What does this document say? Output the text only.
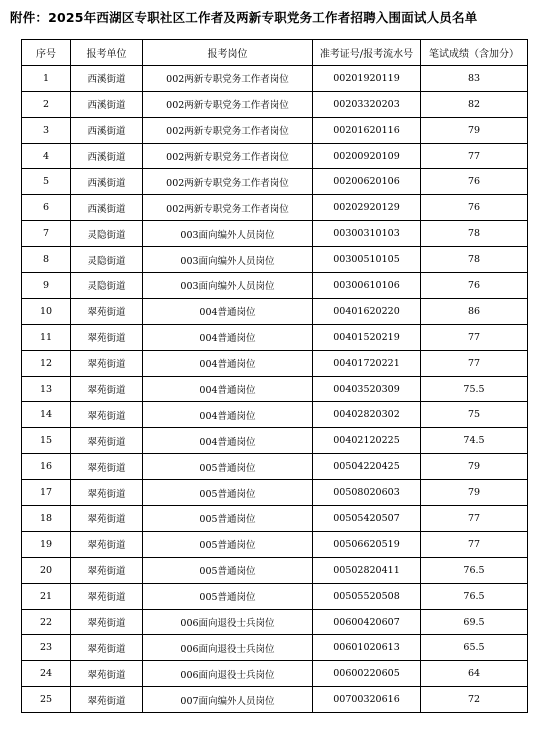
附件：2025年西湖区专职社区工作者及两新专职党务工作者招聘入围面试人员名单
序号	报考单位	报考岗位	准考证号/报考流水号	笔试成绩（含加分）
1	西溪街道	002两新专职党务工作者岗位	00201920119	83
2	西溪街道	002两新专职党务工作者岗位	00203320203	82
3	西溪街道	002两新专职党务工作者岗位	00201620116	79
4	西溪街道	002两新专职党务工作者岗位	00200920109	77
5	西溪街道	002两新专职党务工作者岗位	00200620106	76
6	西溪街道	002两新专职党务工作者岗位	00202920129	76
7	灵隐街道	003面向编外人员岗位	00300310103	78
8	灵隐街道	003面向编外人员岗位	00300510105	78
9	灵隐街道	003面向编外人员岗位	00300610106	76
10	翠苑街道	004普通岗位	00401620220	86
11	翠苑街道	004普通岗位	00401520219	77
12	翠苑街道	004普通岗位	00401720221	77
13	翠苑街道	004普通岗位	00403520309	75.5
14	翠苑街道	004普通岗位	00402820302	75
15	翠苑街道	004普通岗位	00402120225	74.5
16	翠苑街道	005普通岗位	00504220425	79
17	翠苑街道	005普通岗位	00508020603	79
18	翠苑街道	005普通岗位	00505420507	77
19	翠苑街道	005普通岗位	00506620519	77
20	翠苑街道	005普通岗位	00502820411	76.5
21	翠苑街道	005普通岗位	00505520508	76.5
22	翠苑街道	006面向退役士兵岗位	00600420607	69.5
23	翠苑街道	006面向退役士兵岗位	00601020613	65.5
24	翠苑街道	006面向退役士兵岗位	00600220605	64
25	翠苑街道	007面向编外人员岗位	00700320616	72
